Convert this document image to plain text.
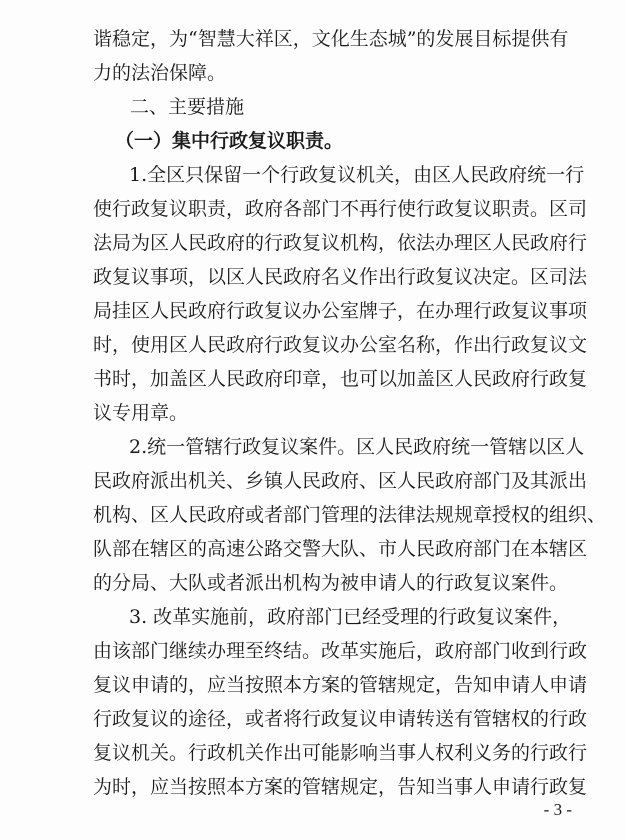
谐稳定，为“智慧大祥区，文化生态城”的发展目标提供有
力的法治保障。
二、主要措施
（一）集中行政复议职责。
1.全区只保留一个行政复议机关，由区人民政府统一行
使行政复议职责，政府各部门不再行使行政复议职责。区司
法局为区人民政府的行政复议机构，依法办理区人民政府行
政复议事项，以区人民政府名义作出行政复议决定。区司法
局挂区人民政府行政复议办公室牌子，在办理行政复议事项
时，使用区人民政府行政复议办公室名称，作出行政复议文
书时，加盖区人民政府印章，也可以加盖区人民政府行政复
议专用章。
2.统一管辖行政复议案件。区人民政府统一管辖以区人
民政府派出机关、乡镇人民政府、区人民政府部门及其派出
机构、区人民政府或者部门管理的法律法规规章授权的组织、
队部在辖区的高速公路交警大队、市人民政府部门在本辖区
的分局、大队或者派出机构为被申请人的行政复议案件。
3. 改革实施前，政府部门已经受理的行政复议案件，
由该部门继续办理至终结。改革实施后，政府部门收到行政
复议申请的，应当按照本方案的管辖规定，告知申请人申请
行政复议的途径，或者将行政复议申请转送有管辖权的行政
复议机关。行政机关作出可能影响当事人权利义务的行政行
为时，应当按照本方案的管辖规定，告知当事人申请行政复
- 3 -
